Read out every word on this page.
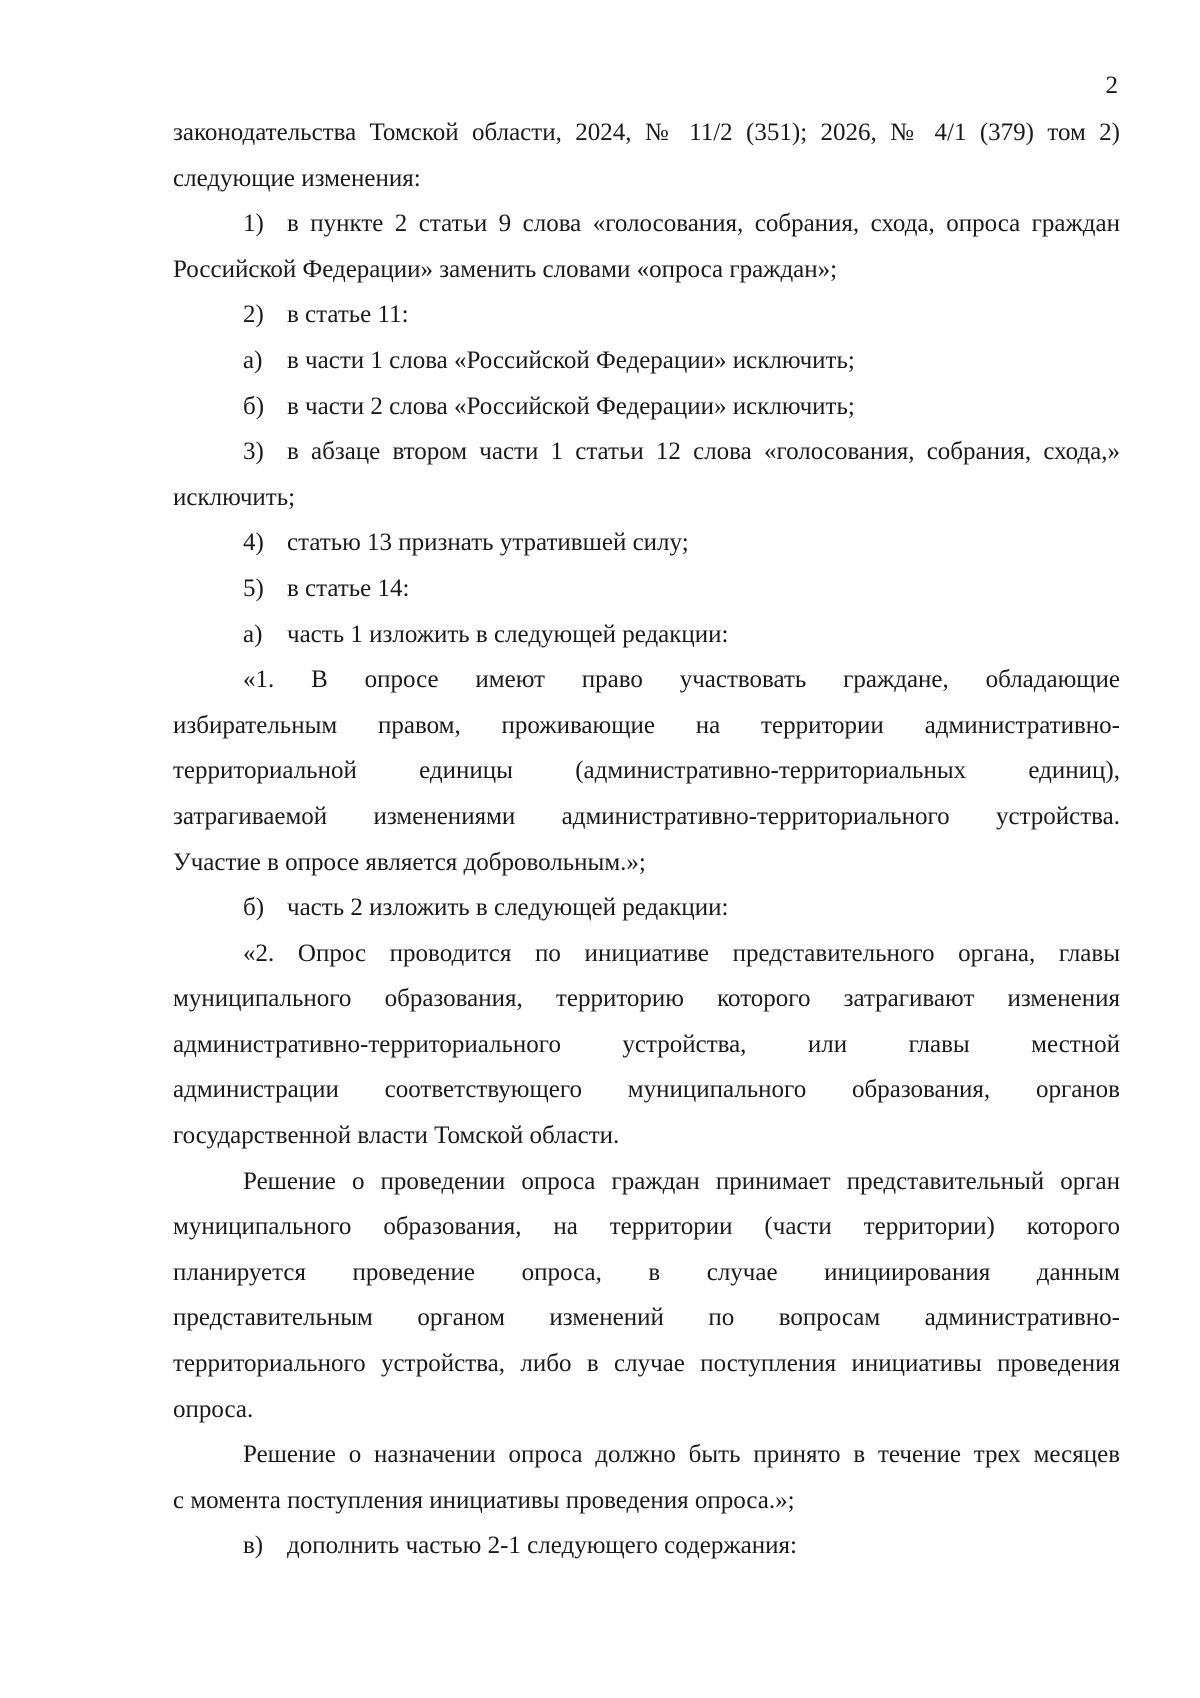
2
законодательства Томской области, 2024, № 11/2 (351); 2026, № 4/1 (379) том 2)
следующие изменения:
1) в пункте 2 статьи 9 слова «голосования, собрания, схода, опроса граждан
Российской Федерации» заменить словами «опроса граждан»;
2) в статье 11:
а) в части 1 слова «Российской Федерации» исключить;
б) в части 2 слова «Российской Федерации» исключить;
3) в абзаце втором части 1 статьи 12 слова «голосования, собрания, схода,»
исключить;
4) статью 13 признать утратившей силу;
5) в статье 14:
а) часть 1 изложить в следующей редакции:
«1. В опросе имеют право участвовать граждане, обладающие
избирательным правом, проживающие на территории административно-
территориальной единицы (административно-территориальных единиц),
затрагиваемой изменениями административно-территориального устройства.
Участие в опросе является добровольным.»;
б) часть 2 изложить в следующей редакции:
«2. Опрос проводится по инициативе представительного органа, главы
муниципального образования, территорию которого затрагивают изменения
административно-территориального устройства, или главы местной
администрации соответствующего муниципального образования, органов
государственной власти Томской области.
Решение о проведении опроса граждан принимает представительный орган
муниципального образования, на территории (части территории) которого
планируется проведение опроса, в случае инициирования данным
представительным органом изменений по вопросам административно-
территориального устройства, либо в случае поступления инициативы проведения
опроса.
Решение о назначении опроса должно быть принято в течение трех месяцев
с момента поступления инициативы проведения опроса.»;
в) дополнить частью 2-1 следующего содержания:
